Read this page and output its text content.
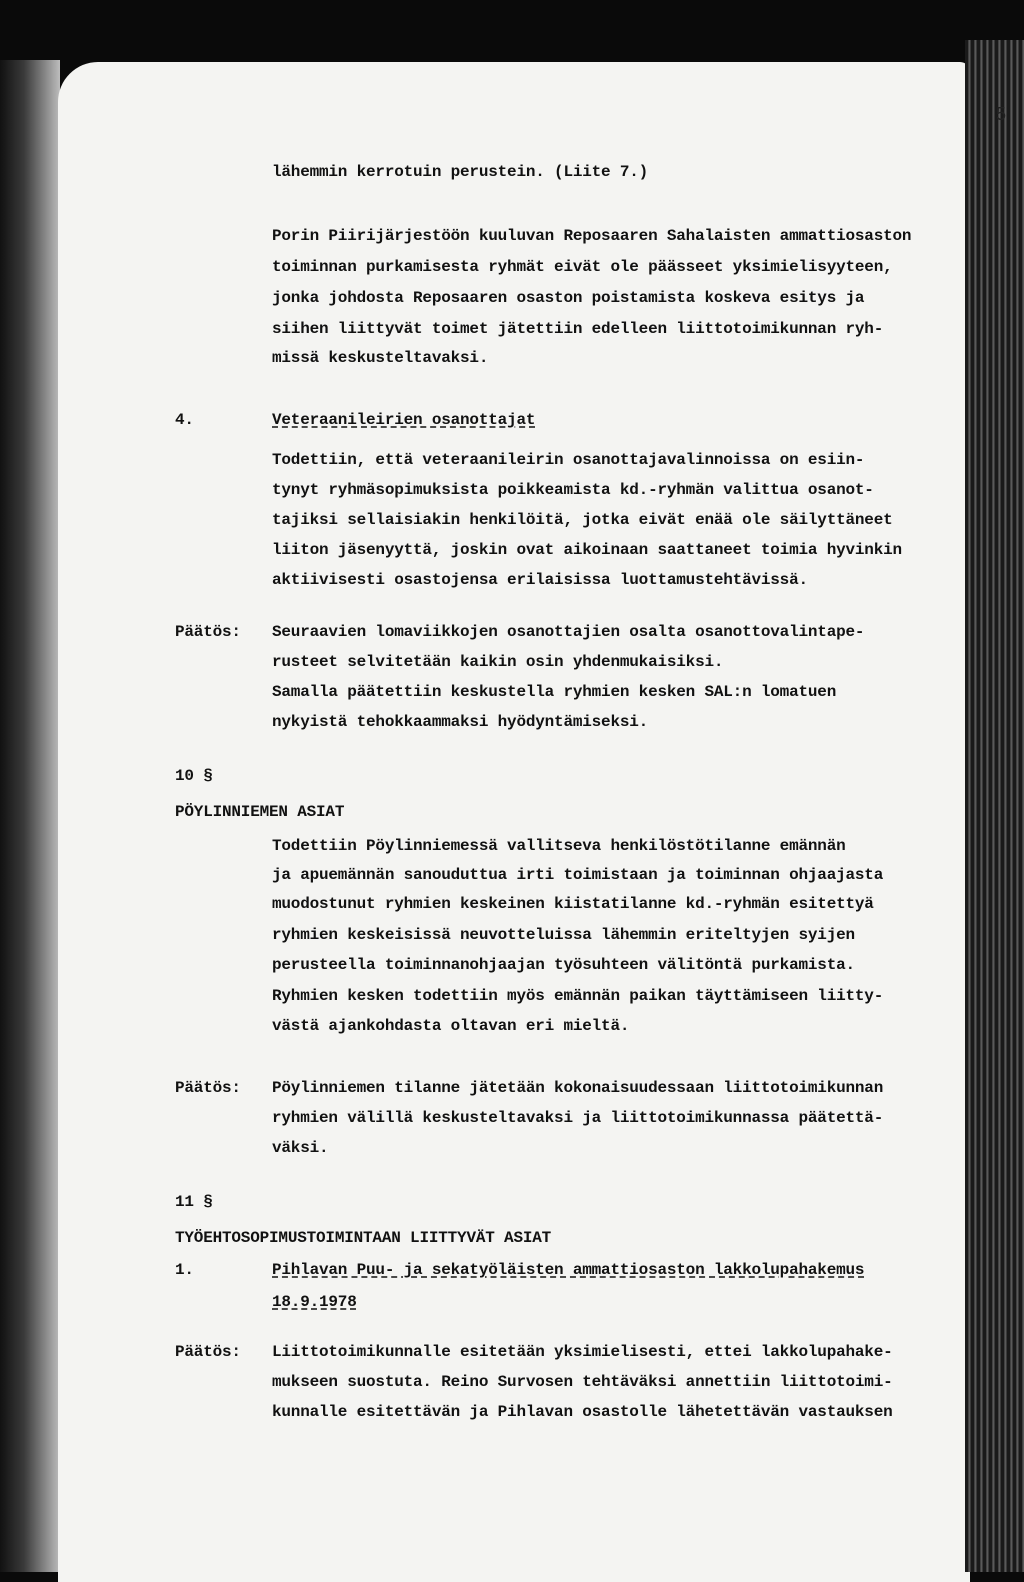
5
lähemmin kerrotuin perustein. (Liite 7.)
Porin Piirijärjestöön kuuluvan Reposaaren Sahalaisten ammattiosaston
toiminnan purkamisesta ryhmät eivät ole päässeet yksimielisyyteen,
jonka johdosta Reposaaren osaston poistamista koskeva esitys ja
siihen liittyvät toimet jätettiin edelleen liittotoimikunnan ryh-
missä keskusteltavaksi.
4.	Veteraanileirien osanottajat
Todettiin, että veteraanileirin osanottajavalinnoissa on esiin-
tynyt ryhmäsopimuksista poikkeamista kd.-ryhmän valittua osanot-
tajiksi sellaisiakin henkilöitä, jotka eivät enää ole säilyttäneet
liiton jäsenyyttä, joskin ovat aikoinaan saattaneet toimia hyvinkin
aktiivisesti osastojensa erilaisissa luottamustehtävissä.
Päätös: Seuraavien lomaviikkojen osanottajien osalta osanottovalintape-
rusteet selvitetään kaikin osin yhdenmukaisiksi.
Samalla päätettiin keskustella ryhmien kesken SAL:n lomatuen
nykyistä tehokkaammaksi hyödyntämiseksi.
10 §
PÖYLINNIEMEN ASIAT
Todettiin Pöylinniemessä vallitseva henkilöstötilanne emännän
ja apuemännän sanouduttua irti toimistaan ja toiminnan ohjaajasta
muodostunut ryhmien keskeinen kiistatilanne kd.-ryhmän esitettyä
ryhmien keskeisissä neuvotteluissa lähemmin eriteltyjen syijen
perusteella toiminnanohjaajan työsuhteen välitöntä purkamista.
Ryhmien kesken todettiin myös emännän paikan täyttämiseen liitty-
västä ajankohdasta oltavan eri mieltä.
Päätös: Pöylinniemen tilanne jätetään kokonaisuudessaan liittotoimikunnan
ryhmien välillä keskusteltavaksi ja liittotoimikunnassa päätettä-
väksi.
11 §
TYÖEHTOSOPIMUSTOIMINTAAN LIITTYVÄT ASIAT
1.	Pihlavan Puu- ja sekatyöläisten ammattiosaston lakkolupahakemus
18.9.1978
Päätös: Liittotoimikunnalle esitetään yksimielisesti, ettei lakkolupahake-
mukseen suostuta. Reino Survosen tehtäväksi annettiin liittotoimi-
kunnalle esitettävän ja Pihlavan osastolle lähetettävän vastauksen
